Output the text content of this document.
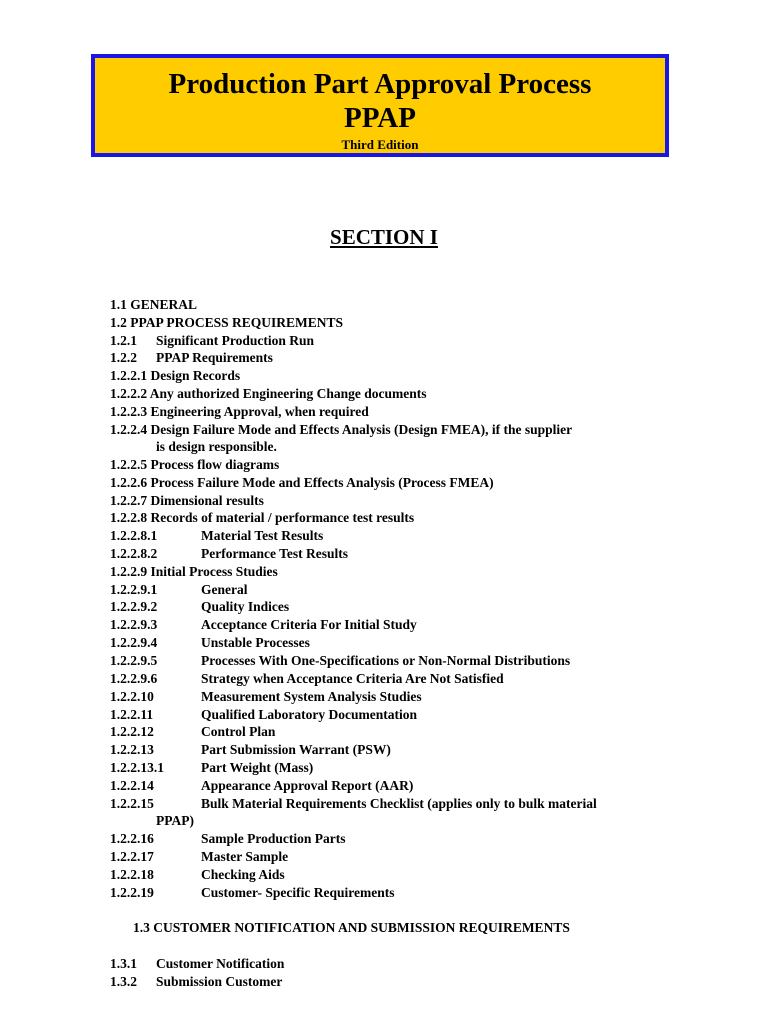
Production Part Approval Process
PPAP
Third Edition
SECTION I
1.1 GENERAL
1.2 PPAP PROCESS REQUIREMENTS
1.2.1 Significant Production Run
1.2.2 PPAP Requirements
1.2.2.1 Design Records
1.2.2.2 Any authorized Engineering Change documents
1.2.2.3 Engineering Approval, when required
1.2.2.4 Design Failure Mode and Effects Analysis (Design FMEA), if the supplier
is design responsible.
1.2.2.5 Process flow diagrams
1.2.2.6 Process Failure Mode and Effects Analysis (Process FMEA)
1.2.2.7 Dimensional results
1.2.2.8 Records of material / performance test results
1.2.2.8.1	Material Test Results
1.2.2.8.2	Performance Test Results
1.2.2.9 Initial Process Studies
1.2.2.9.1	General
1.2.2.9.2	Quality Indices
1.2.2.9.3	Acceptance Criteria For Initial Study
1.2.2.9.4	Unstable Processes
1.2.2.9.5	Processes With One-Specifications or Non-Normal Distributions
1.2.2.9.6	Strategy when Acceptance Criteria Are Not Satisfied
1.2.2.10	Measurement System Analysis Studies
1.2.2.11	Qualified Laboratory Documentation
1.2.2.12	Control Plan
1.2.2.13	Part Submission Warrant (PSW)
1.2.2.13.1	Part Weight (Mass)
1.2.2.14	Appearance Approval Report (AAR)
1.2.2.15	Bulk Material Requirements Checklist (applies only to bulk material
PPAP)
1.2.2.16	Sample Production Parts
1.2.2.17	Master Sample
1.2.2.18	Checking Aids
1.2.2.19	Customer- Specific Requirements
1.3 CUSTOMER NOTIFICATION AND SUBMISSION REQUIREMENTS
1.3.1 Customer Notification
1.3.2 Submission Customer
